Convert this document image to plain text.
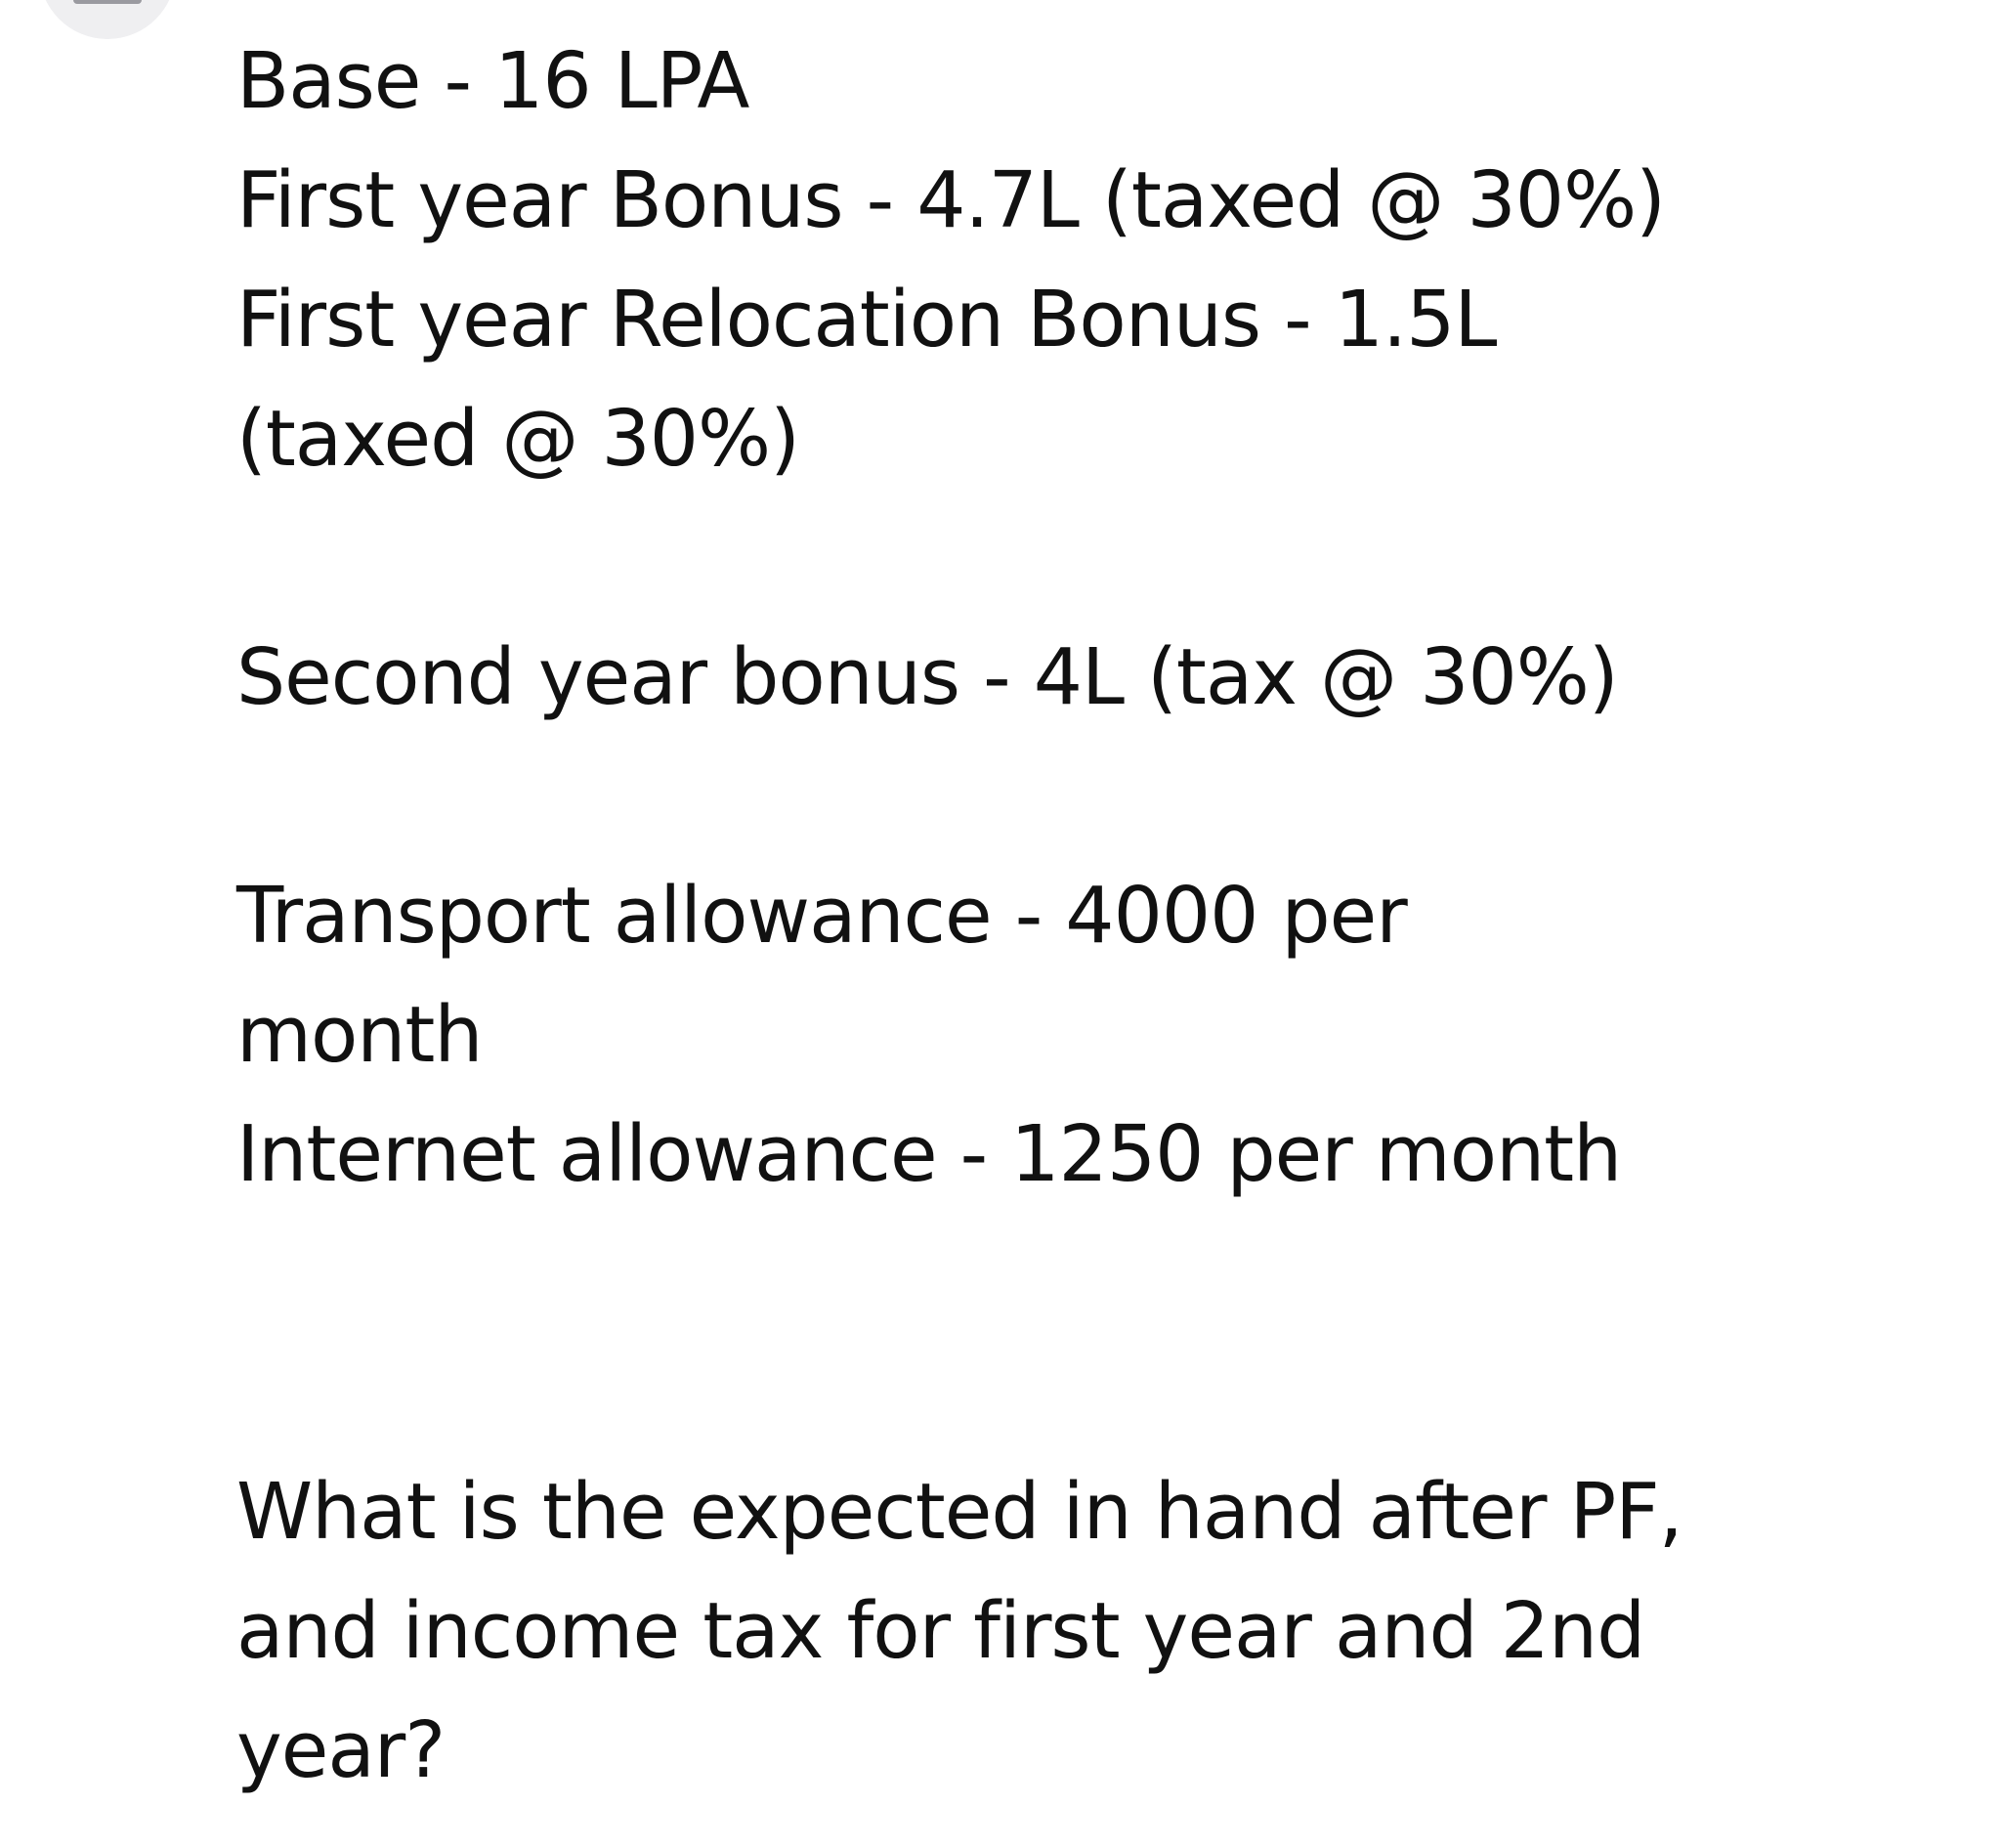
Base - 16 LPA
First year Bonus - 4.7L (taxed @ 30%)
First year Relocation Bonus - 1.5L
(taxed @ 30%)
Second year bonus - 4L (tax @ 30%)
Transport allowance - 4000 per
month
Internet allowance - 1250 per month
What is the expected in hand after PF,
and income tax for first year and 2nd
year?
